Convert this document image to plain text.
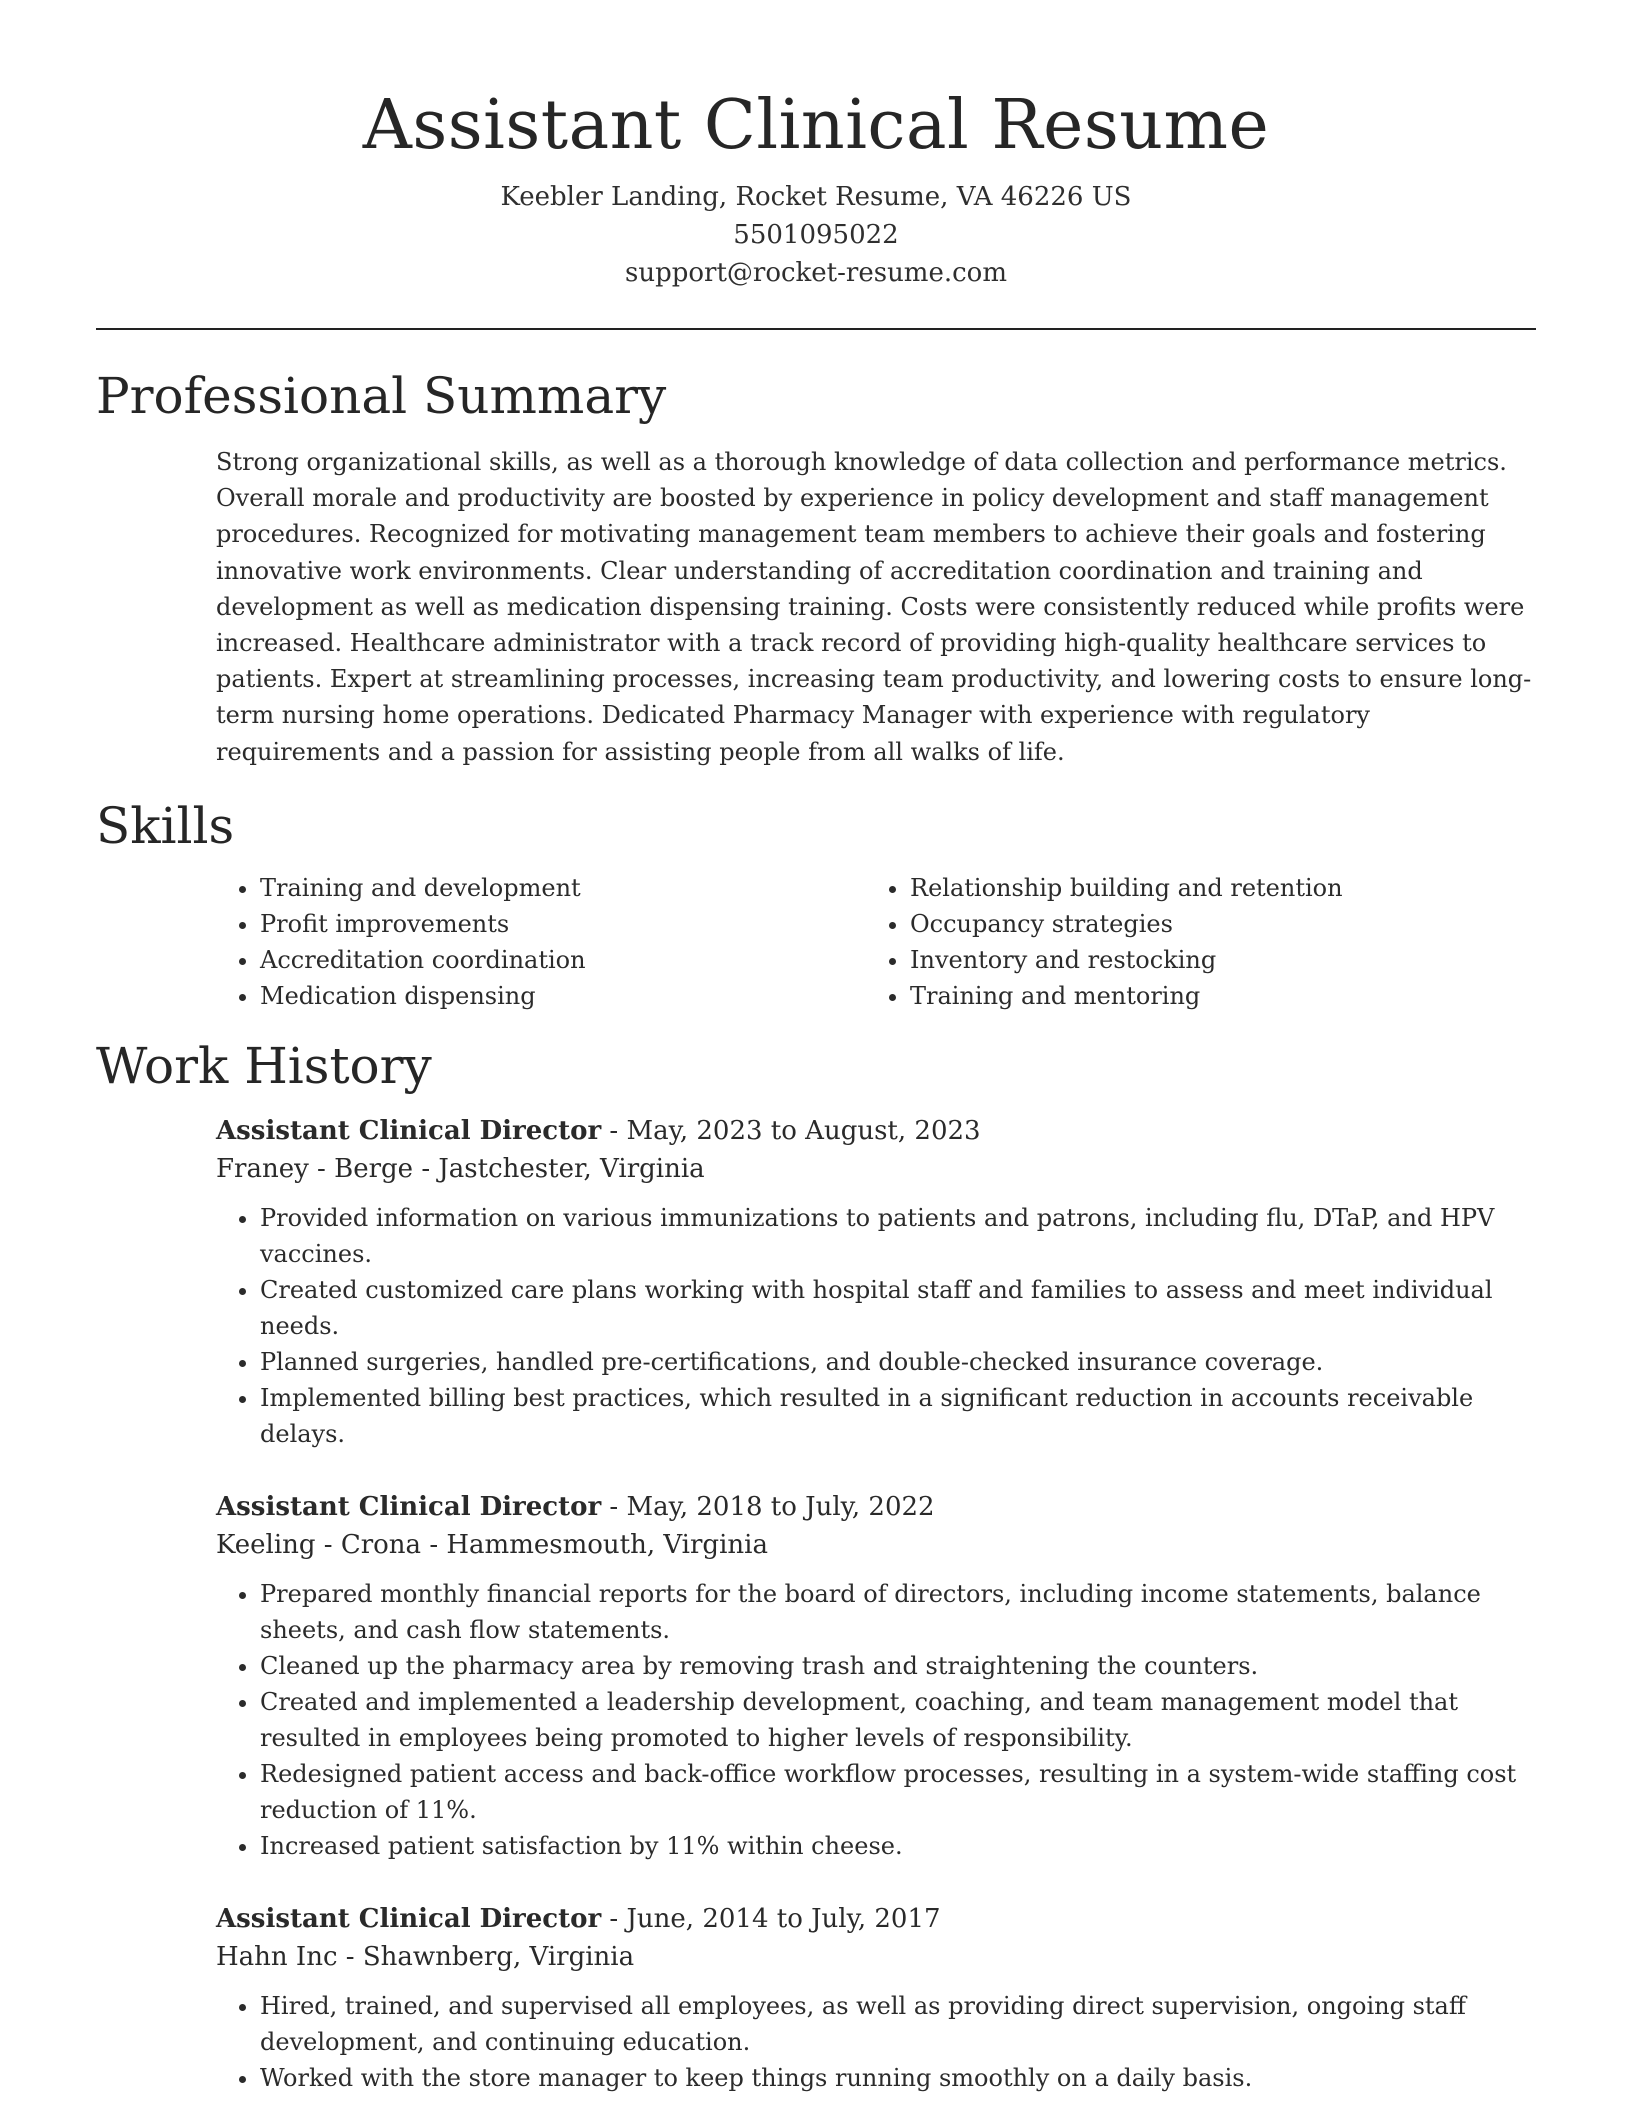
Assistant Clinical Resume
Keebler Landing, Rocket Resume, VA 46226 US
5501095022
support@rocket-resume.com
Professional Summary
Strong organizational skills, as well as a thorough knowledge of data collection and performance metrics. Overall morale and productivity are boosted by experience in policy development and staff management procedures. Recognized for motivating management team members to achieve their goals and fostering innovative work environments. Clear understanding of accreditation coordination and training and development as well as medication dispensing training. Costs were consistently reduced while profits were increased. Healthcare administrator with a track record of providing high-quality healthcare services to patients. Expert at streamlining processes, increasing team productivity, and lowering costs to ensure long-term nursing home operations. Dedicated Pharmacy Manager with experience with regulatory requirements and a passion for assisting people from all walks of life.
Skills
• Training and development
• Profit improvements
• Accreditation coordination
• Medication dispensing
• Relationship building and retention
• Occupancy strategies
• Inventory and restocking
• Training and mentoring
Work History
Assistant Clinical Director - May, 2023 to August, 2023
Franey - Berge - Jastchester, Virginia
• Provided information on various immunizations to patients and patrons, including flu, DTaP, and HPV vaccines.
• Created customized care plans working with hospital staff and families to assess and meet individual needs.
• Planned surgeries, handled pre-certifications, and double-checked insurance coverage.
• Implemented billing best practices, which resulted in a significant reduction in accounts receivable delays.
Assistant Clinical Director - May, 2018 to July, 2022
Keeling - Crona - Hammesmouth, Virginia
• Prepared monthly financial reports for the board of directors, including income statements, balance sheets, and cash flow statements.
• Cleaned up the pharmacy area by removing trash and straightening the counters.
• Created and implemented a leadership development, coaching, and team management model that resulted in employees being promoted to higher levels of responsibility.
• Redesigned patient access and back-office workflow processes, resulting in a system-wide staffing cost reduction of 11%.
• Increased patient satisfaction by 11% within cheese.
Assistant Clinical Director - June, 2014 to July, 2017
Hahn Inc - Shawnberg, Virginia
• Hired, trained, and supervised all employees, as well as providing direct supervision, ongoing staff development, and continuing education.
• Worked with the store manager to keep things running smoothly on a daily basis.
